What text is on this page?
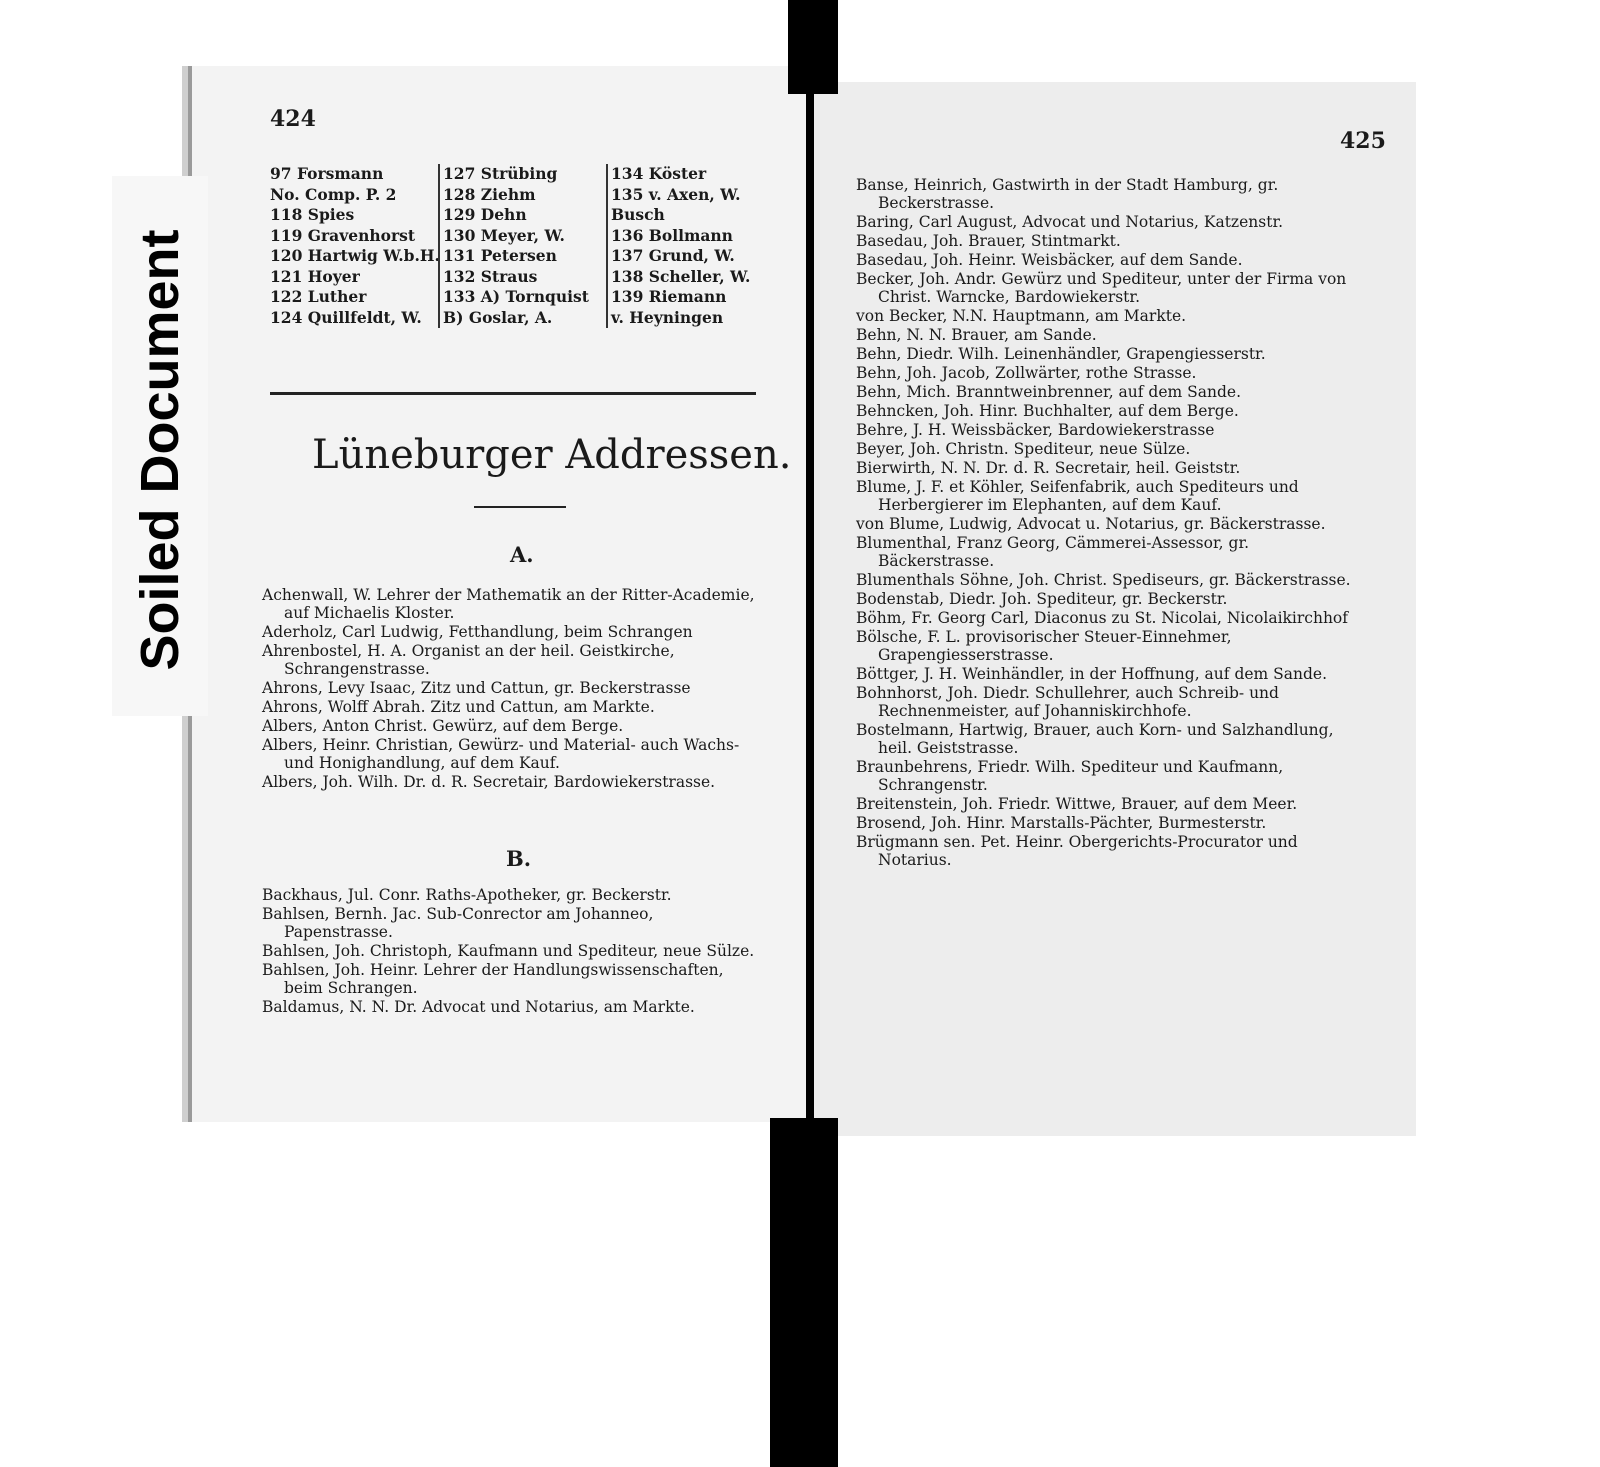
Soiled Document
424
425
97 Forsmann
No. Comp. P. 2
118 Spies
119 Gravenhorst
120 Hartwig W.b.H.
121 Hoyer
122 Luther
124 Quillfeldt, W.
127 Strübing
128 Ziehm
129 Dehn
130 Meyer, W.
131 Petersen
132 Straus
133 A) Tornquist
B) Goslar, A.
134 Köster
135 v. Axen, W.
Busch
136 Bollmann
137 Grund, W.
138 Scheller, W.
139 Riemann
v. Heyningen
Lüneburger Addressen.
A.
Achenwall, W. Lehrer der Mathematik an der Ritter-Academie, auf Michaelis Kloster.
Aderholz, Carl Ludwig, Fetthandlung, beim Schrangen
Ahrenbostel, H. A. Organist an der heil. Geistkirche, Schrangenstrasse.
Ahrons, Levy Isaac, Zitz und Cattun, gr. Beckerstrasse
Ahrons, Wolff Abrah. Zitz und Cattun, am Markte.
Albers, Anton Christ. Gewürz, auf dem Berge.
Albers, Heinr. Christian, Gewürz- und Material- auch Wachs- und Honighandlung, auf dem Kauf.
Albers, Joh. Wilh. Dr. d. R. Secretair, Bardowiekerstrasse.
B.
Backhaus, Jul. Conr. Raths-Apotheker, gr. Beckerstr.
Bahlsen, Bernh. Jac. Sub-Conrector am Johanneo, Papenstrasse.
Bahlsen, Joh. Christoph, Kaufmann und Spediteur, neue Sülze.
Bahlsen, Joh. Heinr. Lehrer der Handlungswissenschaften, beim Schrangen.
Baldamus, N. N. Dr. Advocat und Notarius, am Markte.
Banse, Heinrich, Gastwirth in der Stadt Hamburg, gr. Beckerstrasse.
Baring, Carl August, Advocat und Notarius, Katzenstr.
Basedau, Joh. Brauer, Stintmarkt.
Basedau, Joh. Heinr. Weisbäcker, auf dem Sande.
Becker, Joh. Andr. Gewürz und Spediteur, unter der Firma von Christ. Warncke, Bardowiekerstr.
von Becker, N.N. Hauptmann, am Markte.
Behn, N. N. Brauer, am Sande.
Behn, Diedr. Wilh. Leinenhändler, Grapengiesserstr.
Behn, Joh. Jacob, Zollwärter, rothe Strasse.
Behn, Mich. Branntweinbrenner, auf dem Sande.
Behncken, Joh. Hinr. Buchhalter, auf dem Berge.
Behre, J. H. Weissbäcker, Bardowiekerstrasse
Beyer, Joh. Christn. Spediteur, neue Sülze.
Bierwirth, N. N. Dr. d. R. Secretair, heil. Geiststr.
Blume, J. F. et Köhler, Seifenfabrik, auch Spediteurs und Herbergierer im Elephanten, auf dem Kauf.
von Blume, Ludwig, Advocat u. Notarius, gr. Bäckerstrasse.
Blumenthal, Franz Georg, Cämmerei-Assessor, gr. Bäckerstrasse.
Blumenthals Söhne, Joh. Christ. Spediseurs, gr. Bäckerstrasse.
Bodenstab, Diedr. Joh. Spediteur, gr. Beckerstr.
Böhm, Fr. Georg Carl, Diaconus zu St. Nicolai, Nicolaikirchhof
Bölsche, F. L. provisorischer Steuer-Einnehmer, Grapengiesserstrasse.
Böttger, J. H. Weinhändler, in der Hoffnung, auf dem Sande.
Bohnhorst, Joh. Diedr. Schullehrer, auch Schreib- und Rechnenmeister, auf Johanniskirchhofe.
Bostelmann, Hartwig, Brauer, auch Korn- und Salzhandlung, heil. Geiststrasse.
Braunbehrens, Friedr. Wilh. Spediteur und Kaufmann, Schrangenstr.
Breitenstein, Joh. Friedr. Wittwe, Brauer, auf dem Meer.
Brosend, Joh. Hinr. Marstalls-Pächter, Burmesterstr.
Brügmann sen. Pet. Heinr. Obergerichts-Procurator und Notarius.
